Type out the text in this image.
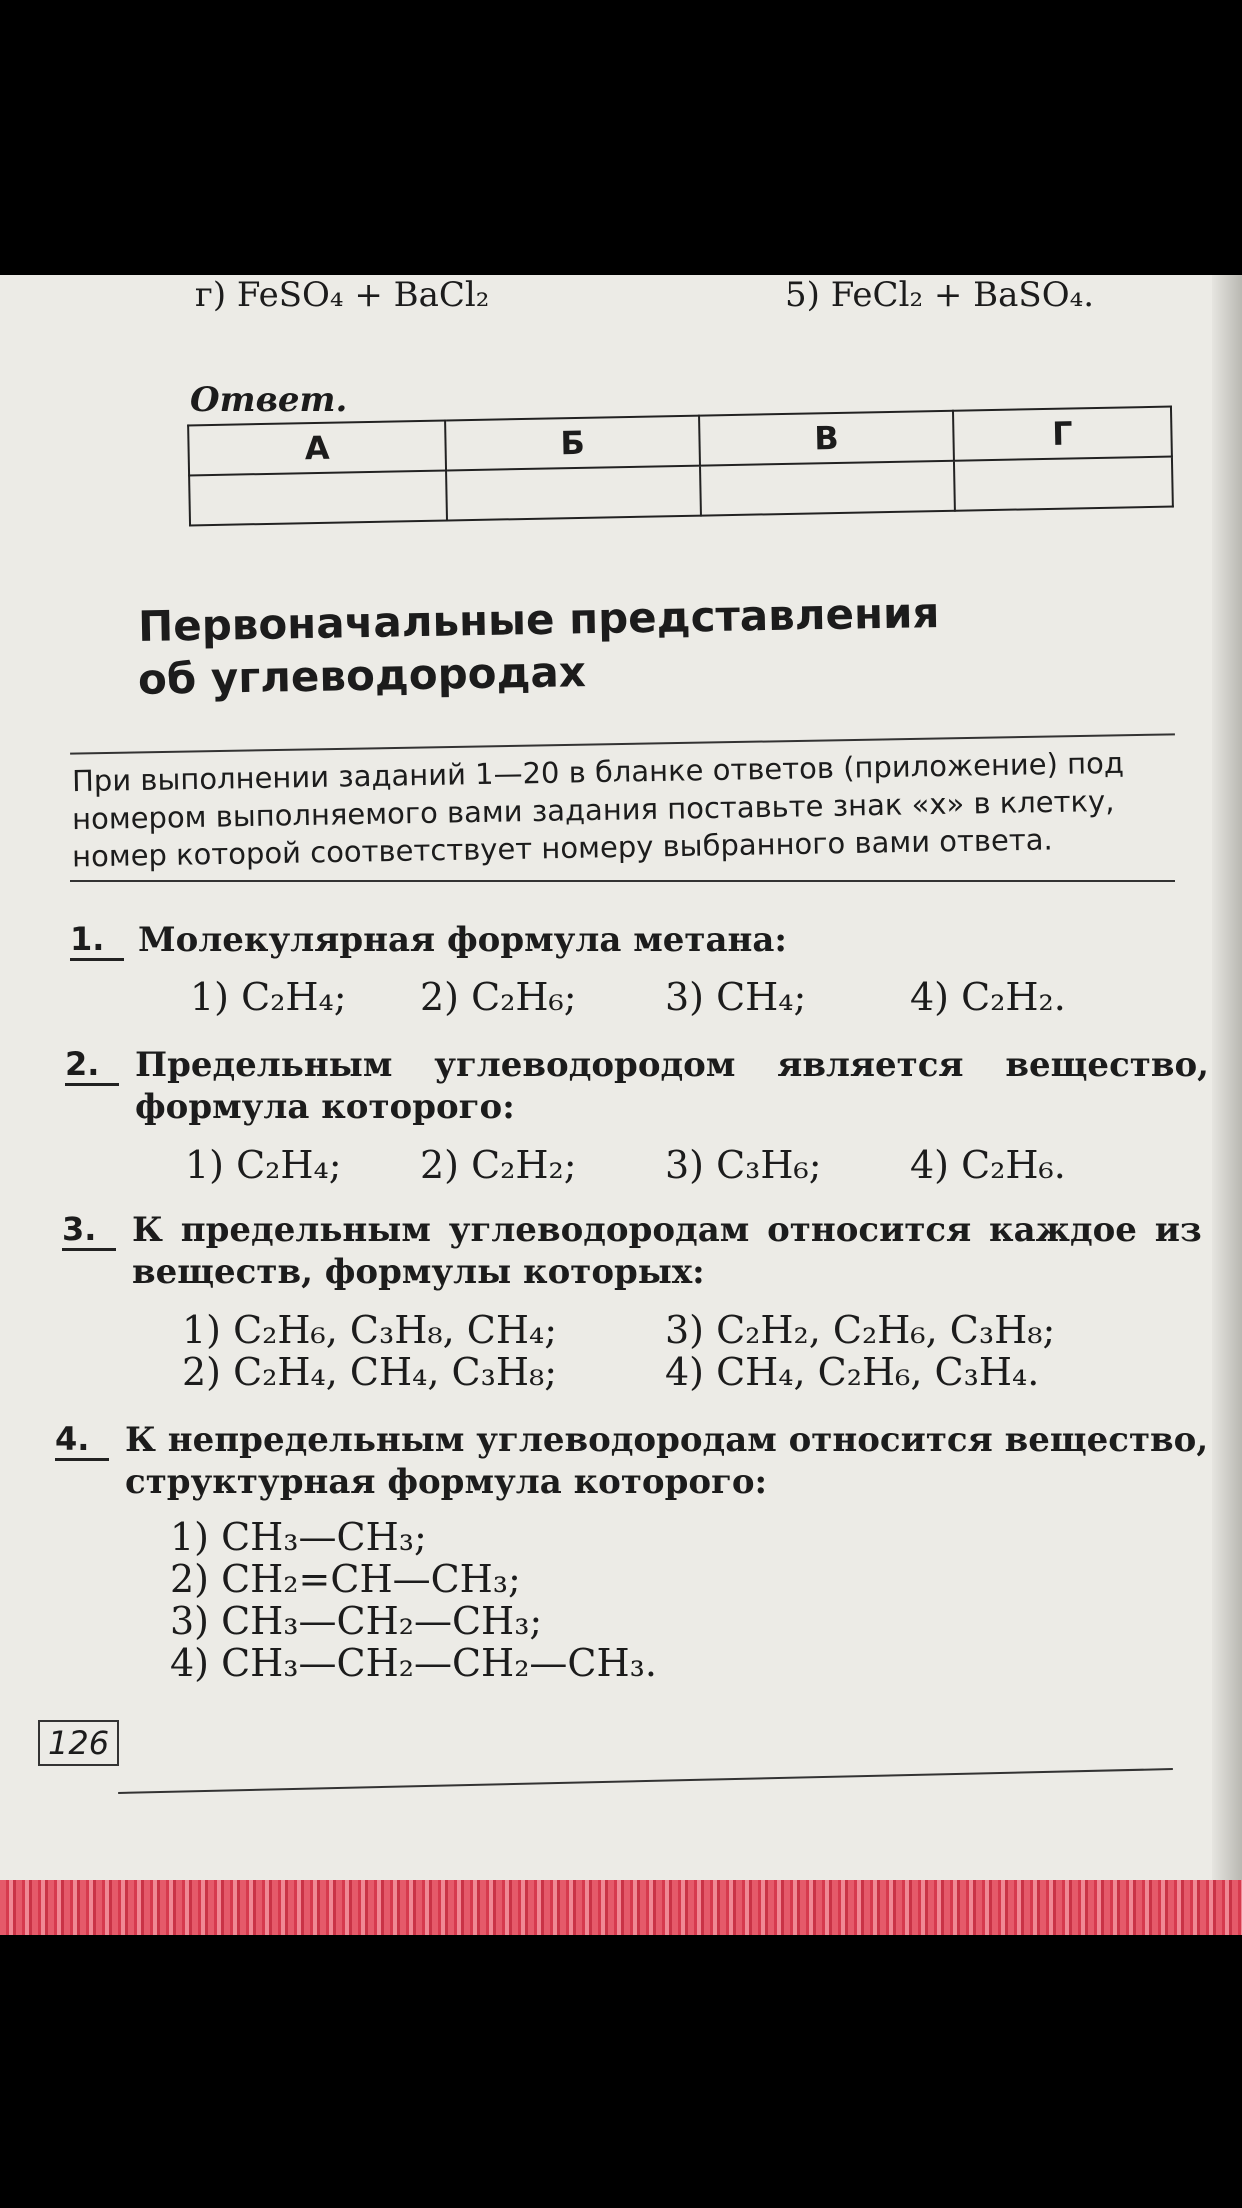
г) FeSO₄ + BaCl₂	5) FeCl₂ + BaSO₄.
Ответ.
А	Б	В	Г

Первоначальные представления
об углеводородах
При выполнении заданий 1—20 в бланке ответов (приложение) под
номером выполняемого вами задания поставьте знак «х» в клетку,
номер которой соответствует номеру выбранного вами ответа.
1. Молекулярная формула метана:
1) C₂H₄; 2) C₂H₆; 3) CH₄;	4) C₂H₂.
2.	Предельным углеводородом является вещество,
формула которого:
1) C₂H₄; 2) C₂H₂; 3) C₃H₆; 4) C₂H₆.
3.	К предельным углеводородам относится каждое из
веществ, формулы которых:
1) C₂H₆, C₃H₈, CH₄;
2) C₂H₄, CH₄, C₃H₈;
3) C₂H₂, C₂H₆, C₃H₈;
4) CH₄, C₂H₆, C₃H₄.
4.	К непредельным углеводородам относится вещество,
структурная формула которого:
1) CH₃—CH₃;
2) CH₂=CH—CH₃;
3) CH₃—CH₂—CH₃;
4) CH₃—CH₂—CH₂—CH₃.
126
